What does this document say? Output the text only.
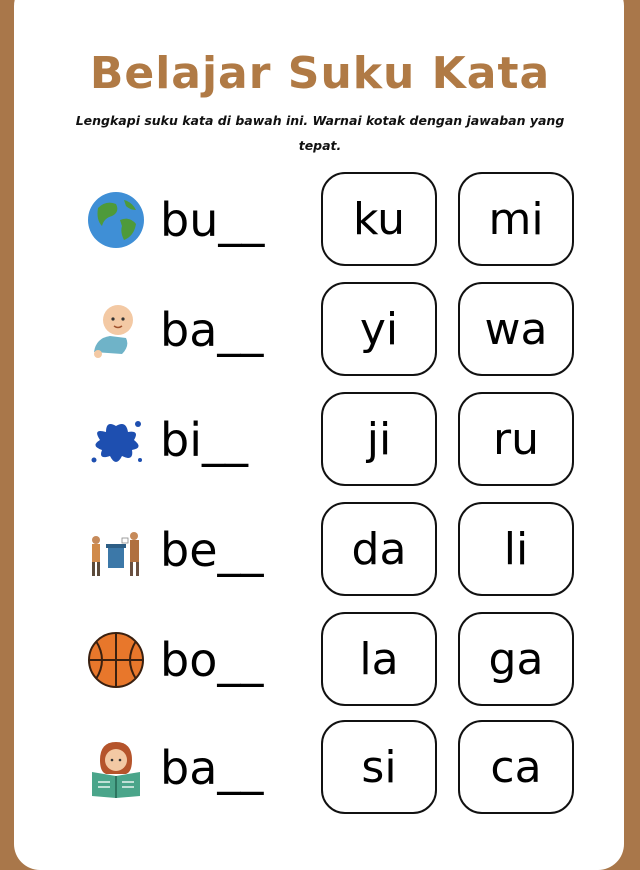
Belajar Suku Kata
Lengkapi suku kata di bawah ini. Warnai kotak dengan jawaban yang tepat.
bu__	ku	mi
ba__	yi	wa
bi__	ji	ru
be__	da	li
bo__	la	ga
ba__	si	ca
